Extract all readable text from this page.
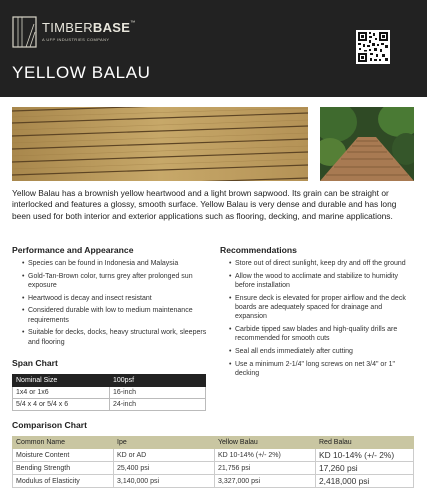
TIMBERBASE™
A UFP INDUSTRIES COMPANY
YELLOW BALAU
Yellow Balau has a brownish yellow heartwood and a light brown sapwood. Its grain can be straight or interlocked and features a glossy, smooth surface. Yellow Balau is very dense and durable and has long been used for both interior and exterior applications such as flooring, decking, and marine applications.
Performance and Appearance
• Species can be found in Indonesia and Malaysia
• Gold-Tan-Brown color, turns grey after prolonged sun exposure
• Heartwood is decay and insect resistant
• Considered durable with low to medium maintenance requirements
• Suitable for decks, docks, heavy structural work, sleepers and flooring
Recommendations
• Store out of direct sunlight, keep dry and off the ground
• Allow the wood to acclimate and stabilize to humidity before installation
• Ensure deck is elevated for proper airflow and the deck boards are adequately spaced for drainage and expansion
• Carbide tipped saw blades and high-quality drills are recommended for smooth cuts
• Seal all ends immediately after cutting
• Use a minimum 2-1/4" long screws on net 3/4" or 1" decking
Span Chart
Nominal Size	100psf
1x4 or 1x6	16-inch
5/4 x 4 or 5/4 x 6	24-inch
Comparison Chart
Common Name	Ipe	Yellow Balau	Red Balau
Moisture Content	KD or AD	KD 10-14% (+/- 2%)	KD 10-14% (+/- 2%)
Bending Strength	25,400 psi	21,756 psi	17,260 psi
Modulus of Elasticity	3,140,000 psi	3,327,000 psi	2,418,000 psi
